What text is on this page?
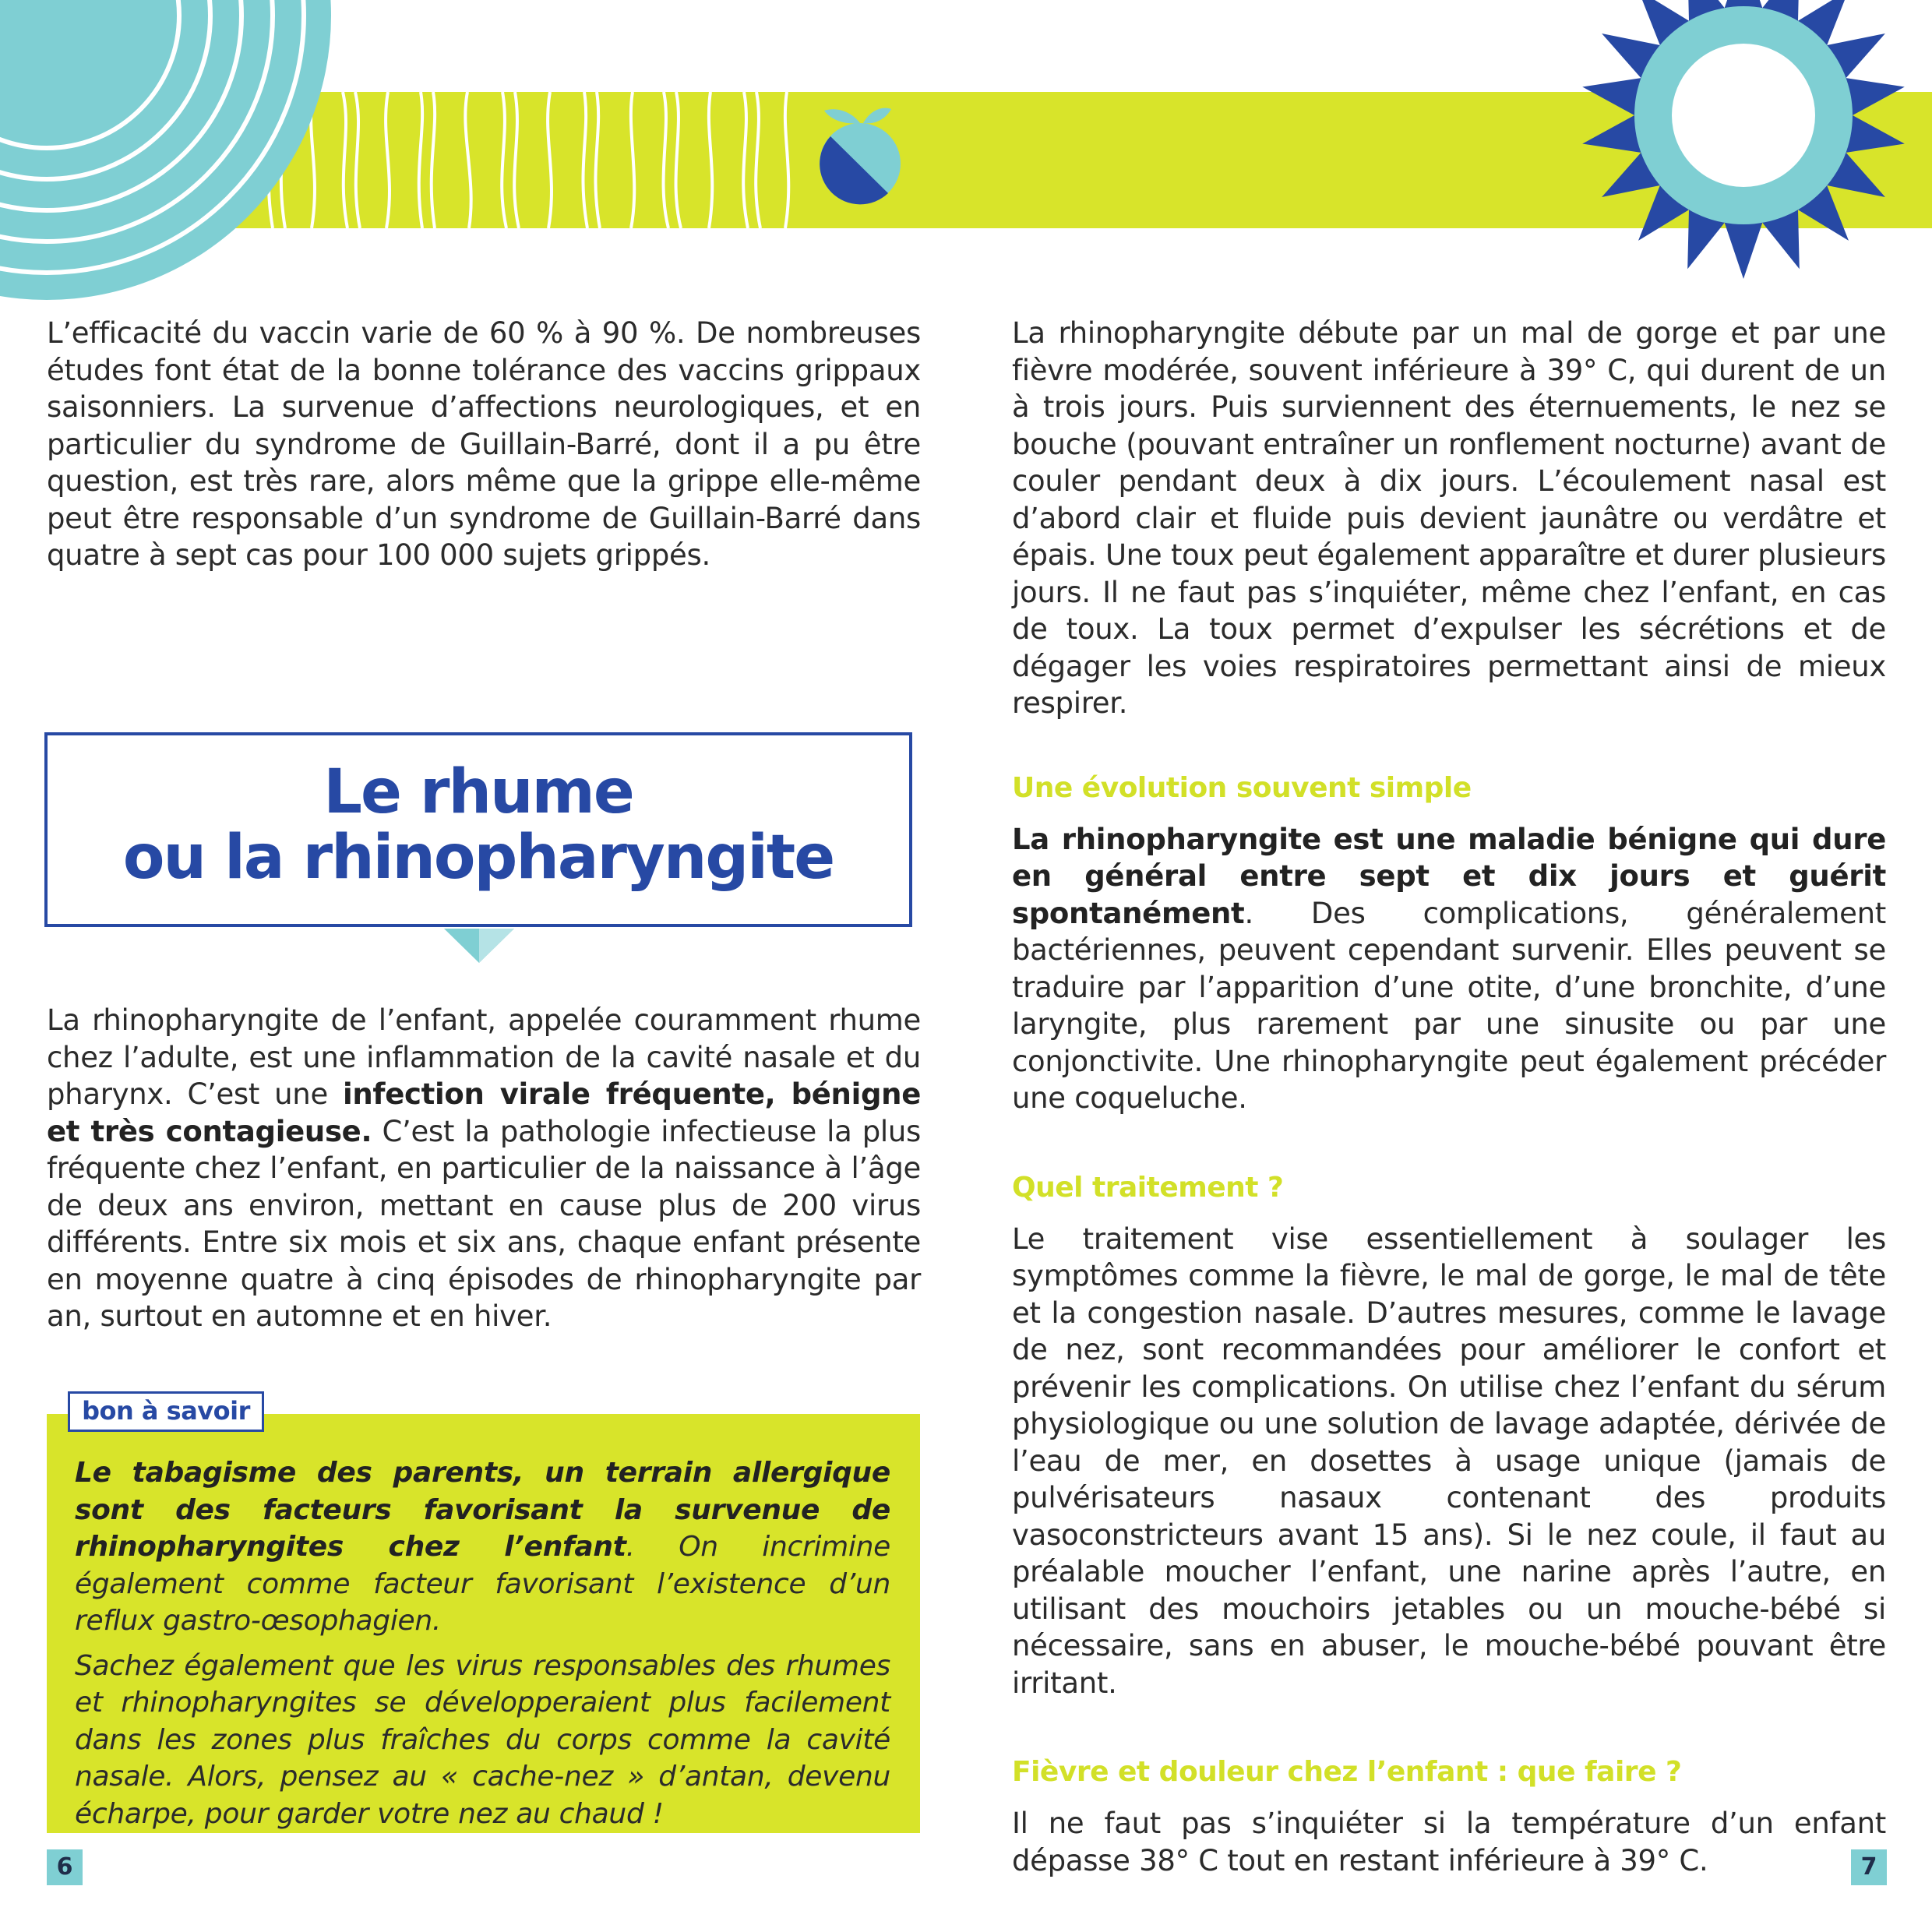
L’efficacité du vaccin varie de 60 % à 90 %. De nombreuses études font état de la bonne tolérance des vaccins grippaux saisonniers. La survenue d’affections neurologiques, et en particulier du syndrome de Guillain-Barré, dont il a pu être question, est très rare, alors même que la grippe elle-même peut être responsable d’un syndrome de Guillain-Barré dans quatre à sept cas pour 100 000 sujets grippés.

Le rhume
ou la rhinopharyngite

La rhinopharyngite de l’enfant, appelée couramment rhume chez l’adulte, est une inflammation de la cavité nasale et du pharynx. C’est une infection virale fréquente, bénigne et très contagieuse. C’est la pathologie infectieuse la plus fréquente chez l’enfant, en particulier de la naissance à l’âge de deux ans environ, mettant en cause plus de 200 virus différents. Entre six mois et six ans, chaque enfant présente en moyenne quatre à cinq épisodes de rhinopharyngite par an, surtout en automne et en hiver.

Le tabagisme des parents, un terrain allergique sont des facteurs favorisant la survenue de rhinopharyngites chez l’enfant. On incrimine également comme facteur favorisant l’existence d’un reflux gastro-œsophagien.

Sachez également que les virus responsables des rhumes et rhinopharyngites se développeraient plus facilement dans les zones plus fraîches du corps comme la cavité nasale. Alors, pensez au « cache-nez » d’antan, devenu écharpe, pour garder votre nez au chaud !

bon à savoir

La rhinopharyngite débute par un mal de gorge et par une fièvre modérée, souvent inférieure à 39° C, qui durent de un à trois jours. Puis surviennent des éternuements, le nez se bouche (pouvant entraîner un ronflement nocturne) avant de couler pendant deux à dix jours. L’écoulement nasal est d’abord clair et fluide puis devient jaunâtre ou verdâtre et épais. Une toux peut également apparaître et durer plusieurs jours. Il ne faut pas s’inquiéter, même chez l’enfant, en cas de toux. La toux permet d’expulser les sécrétions et de dégager les voies respiratoires permettant ainsi de mieux respirer.

Une évolution souvent simple

La rhinopharyngite est une maladie bénigne qui dure en général entre sept et dix jours et guérit spontanément. Des complications, généralement bactériennes, peuvent cependant survenir. Elles peuvent se traduire par l’apparition d’une otite, d’une bronchite, d’une laryngite, plus rarement par une sinusite ou par une conjonctivite. Une rhinopharyngite peut également précéder une coqueluche.

Quel traitement ?

Le traitement vise essentiellement à soulager les symptômes comme la fièvre, le mal de gorge, le mal de tête et la congestion nasale. D’autres mesures, comme le lavage de nez, sont recommandées pour améliorer le confort et prévenir les complications. On utilise chez l’enfant du sérum physiologique ou une solution de lavage adaptée, dérivée de l’eau de mer, en dosettes à usage unique (jamais de pulvérisateurs nasaux contenant des produits vasoconstricteurs avant 15 ans). Si le nez coule, il faut au préalable moucher l’enfant, une narine après l’autre, en utilisant des mouchoirs jetables ou un mouche-bébé si nécessaire, sans en abuser, le mouche-bébé pouvant être irritant.

Fièvre et douleur chez l’enfant : que faire ?

Il ne faut pas s’inquiéter si la température d’un enfant dépasse 38° C tout en restant inférieure à 39° C.

6	7
